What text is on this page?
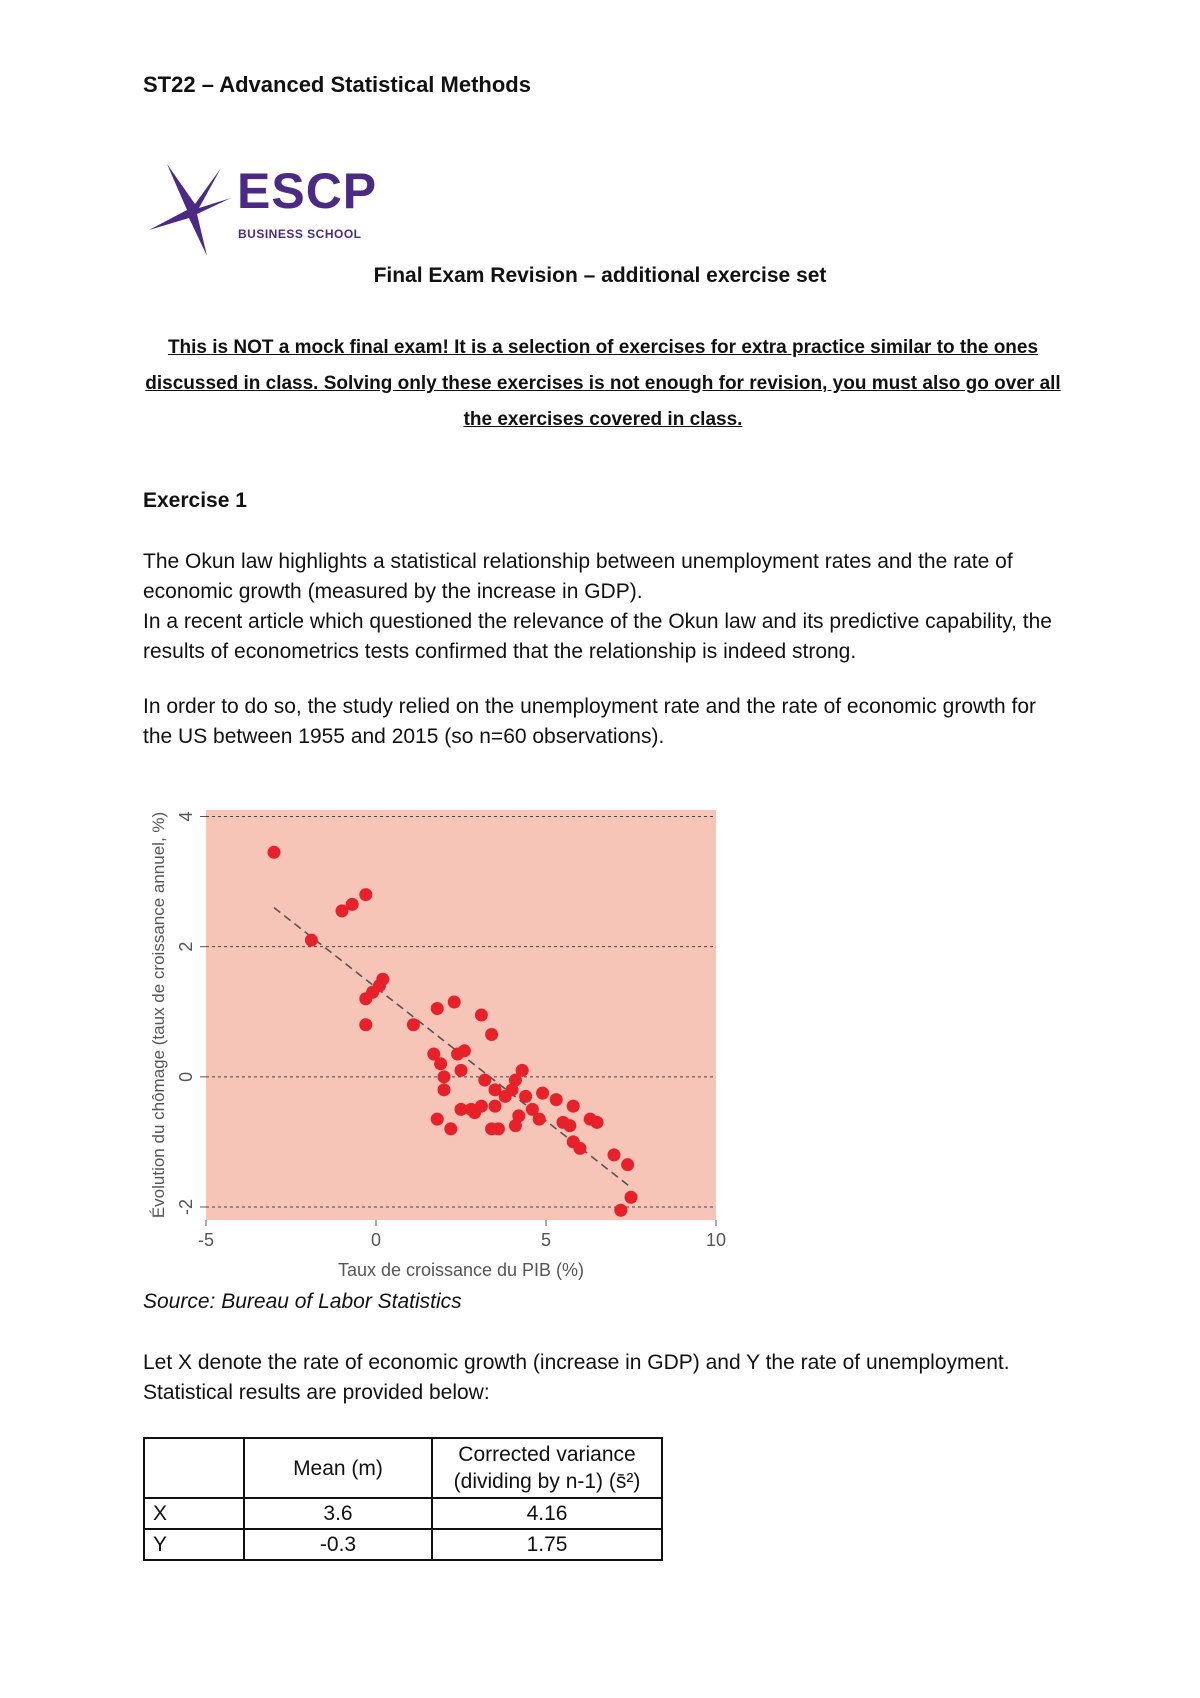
ST22 – Advanced Statistical Methods
ESCP
BUSINESS SCHOOL
Final Exam Revision – additional exercise set
This is NOT a mock final exam! It is a selection of exercises for extra practice similar to the ones discussed in class. Solving only these exercises is not enough for revision, you must also go over all the exercises covered in class.
Exercise 1
The Okun law highlights a statistical relationship between unemployment rates and the rate of economic growth (measured by the increase in GDP).
In a recent article which questioned the relevance of the Okun law and its predictive capability, the results of econometrics tests confirmed that the relationship is indeed strong.
In order to do so, the study relied on the unemployment rate and the rate of economic growth for the US between 1955 and 2015 (so n=60 observations).
-5	0	5	10
-2
0
2
4
Taux de croissance du PIB (%)
Évolution du chômage (taux de croissance annuel, %)
Source: Bureau of Labor Statistics
Let X denote the rate of economic growth (increase in GDP) and Y the rate of unemployment. Statistical results are provided below:
	Mean (m)	Corrected variance (dividing by n-1) (s̄²)
X	3.6	4.16
Y	-0.3	1.75
